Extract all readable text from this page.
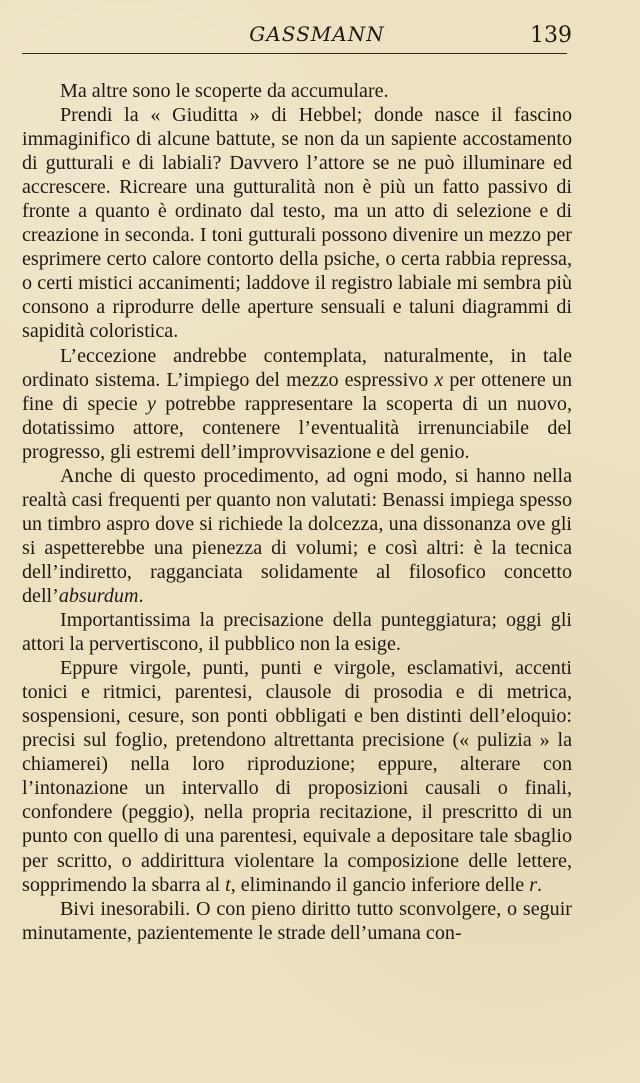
GASSMANN	139

Ma altre sono le scoperte da accumulare.

Prendi la « Giuditta » di Hebbel; donde nasce il fascino immaginifico di alcune battute, se non da un sapiente accostamento di gutturali e di labiali? Davvero l’attore se ne può illuminare ed accrescere. Ricreare una gutturalità non è più un fatto passivo di fronte a quanto è ordinato dal testo, ma un atto di selezione e di creazione in seconda. I toni gutturali possono divenire un mezzo per esprimere certo calore contorto della psiche, o certa rabbia repressa, o certi mistici accanimenti; laddove il registro labiale mi sembra più consono a riprodurre delle aperture sensuali e taluni diagrammi di sapidità coloristica.

L’eccezione andrebbe contemplata, naturalmente, in tale ordinato sistema. L’impiego del mezzo espressivo x per ottenere un fine di specie y potrebbe rappresentare la scoperta di un nuovo, dotatissimo attore, contenere l’eventualità irrenunciabile del progresso, gli estremi dell’improvvisazione e del genio.

Anche di questo procedimento, ad ogni modo, si hanno nella realtà casi frequenti per quanto non valutati: Benassi impiega spesso un timbro aspro dove si richiede la dolcezza, una dissonanza ove gli si aspetterebbe una pienezza di volumi; e così altri: è la tecnica dell’indiretto, ragganciata solidamente al filosofico concetto dell’absurdum.

Importantissima la precisazione della punteggiatura; oggi gli attori la pervertiscono, il pubblico non la esige.

Eppure virgole, punti, punti e virgole, esclamativi, accenti tonici e ritmici, parentesi, clausole di prosodia e di metrica, sospensioni, cesure, son ponti obbligati e ben distinti dell’eloquio: precisi sul foglio, pretendono altrettanta precisione (« pulizia » la chiamerei) nella loro riproduzione; eppure, alterare con l’intonazione un intervallo di proposizioni causali o finali, confondere (peggio), nella propria recitazione, il prescritto di un punto con quello di una parentesi, equivale a depositare tale sbaglio per scritto, o addirittura violentare la composizione delle lettere, sopprimendo la sbarra al t, eliminando il gancio inferiore delle r.

Bivi inesorabili. O con pieno diritto tutto sconvolgere, o seguir minutamente, pazientemente le strade dell’umana con-
